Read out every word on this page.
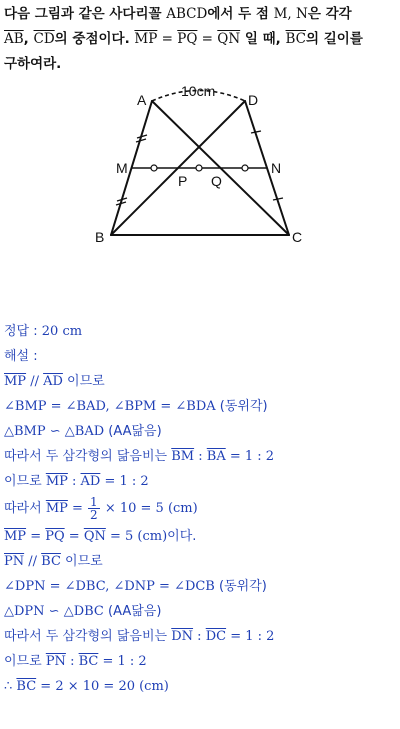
다음 그림과 같은 사다리꼴 ABCD에서 두 점 M, N은 각각
$\overline{AB}$, $\overline{CD}$의 중점이다. $\overline{MP} = \overline{PQ} = \overline{QN}$ 일 때, $\overline{BC}$의 길이를
구하여라.
A	D
M	N
P Q
B	C
10cm
정답 : 20 cm
해설 :
$\overline{MP} // \overline{AD}$ 이므로
∠BMP = ∠BAD, ∠BPM = ∠BDA (동위각)
△BMP ∽ △BAD (AA닮음)
따라서 두 삼각형의 닮음비는 $\overline{BM}$ : $\overline{BA} = 1$ : 2
이므로 $\overline{MP}$ : $\overline{AD} = 1$ : 2
따라서 $\overline{MP} = \frac{1}{2} \times 10 = 5$ (cm)
$\overline{MP} = \overline{PQ} = \overline{QN} = 5$ (cm)이다.
$\overline{PN} // \overline{BC}$ 이므로
∠DPN = ∠DBC, ∠DNP = ∠DCB (동위각)
△DPN ∽ △DBC (AA닮음)
따라서 두 삼각형의 닮음비는 $\overline{DN}$ : $\overline{DC} = 1$ : 2
이므로 $\overline{PN}$ : $\overline{BC} = 1$ : 2
∴ $\overline{BC} = 2 \times 10 = 20$ (cm)
